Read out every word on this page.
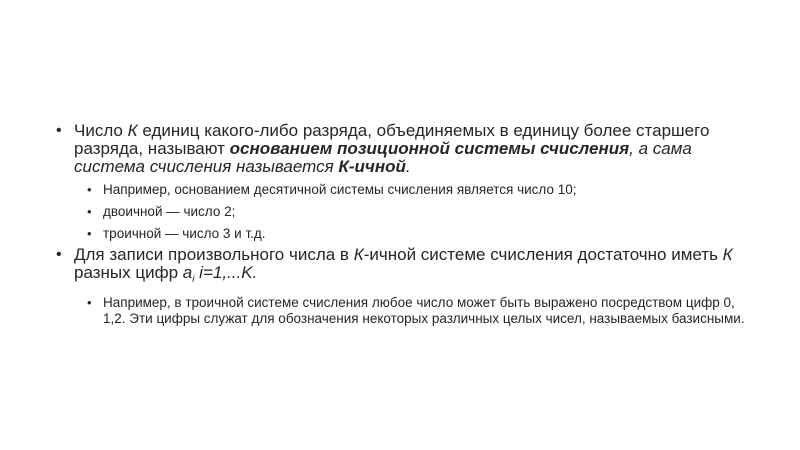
• Число К единиц какого-либо разряда, объединяемых в единицу более старшего разряда, называют основанием позиционной системы счисления, а сама система счисления называется К-ичной.
• Например, основанием десятичной системы счисления является число 10;
• двоичной — число 2;
• троичной — число 3 и т.д.
• Для записи произвольного числа в К-ичной системе счисления достаточно иметь К разных цифр $a_i$ i=1,...K.
• Например, в троичной системе счисления любое число может быть выражено посредством цифр 0, 1,2. Эти цифры служат для обозначения некоторых различных целых чисел, называемых базисными.
